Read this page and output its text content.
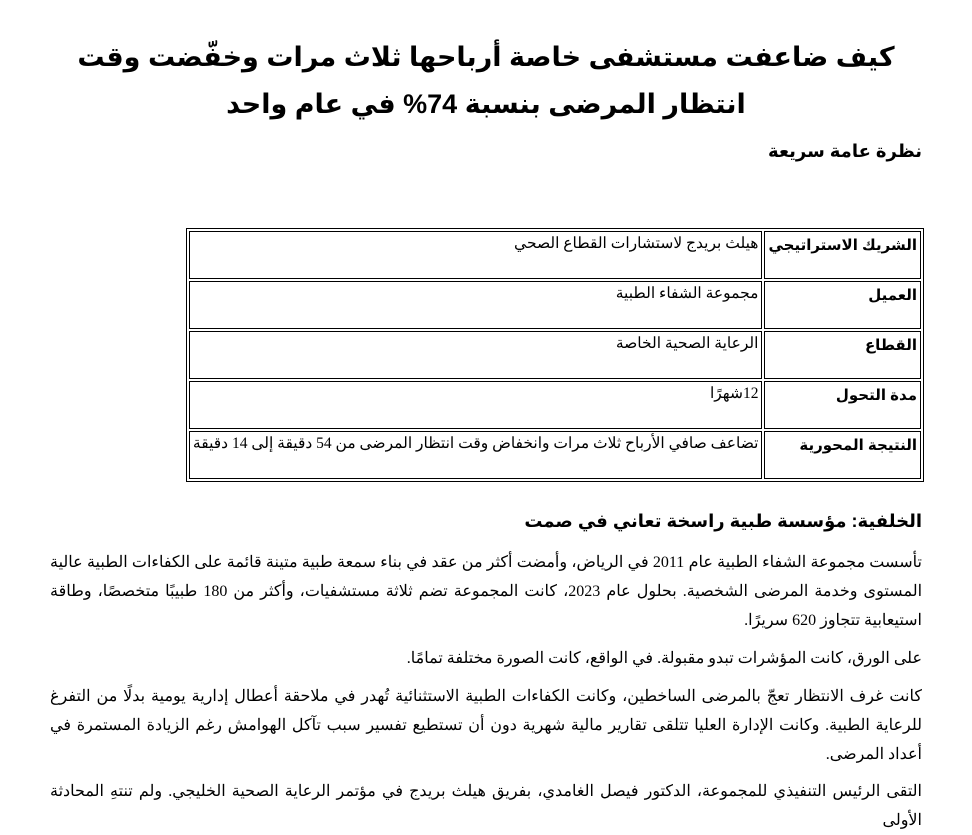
كيف ضاعفت مستشفى خاصة أرباحها ثلاث مرات وخفّضت وقت انتظار المرضى بنسبة 74% في عام واحد
نظرة عامة سريعة
الشريك الاستراتيجي	هيلث بريدج لاستشارات القطاع الصحي
العميل	مجموعة الشفاء الطبية
القطاع	الرعاية الصحية الخاصة
مدة التحول	12شهرًا
النتيجة المحورية	تضاعف صافي الأرباح ثلاث مرات وانخفاض وقت انتظار المرضى من 54 دقيقة إلى 14 دقيقة
الخلفية: مؤسسة طبية راسخة تعاني في صمت

تأسست مجموعة الشفاء الطبية عام 2011 في الرياض، وأمضت أكثر من عقد في بناء سمعة طبية متينة قائمة على الكفاءات الطبية عالية المستوى وخدمة المرضى الشخصية. بحلول عام 2023، كانت المجموعة تضم ثلاثة مستشفيات، وأكثر من 180 طبيبًا متخصصًا، وطاقة استيعابية تتجاوز 620 سريرًا.

على الورق، كانت المؤشرات تبدو مقبولة. في الواقع، كانت الصورة مختلفة تمامًا.

كانت غرف الانتظار تعجّ بالمرضى الساخطين، وكانت الكفاءات الطبية الاستثنائية تُهدر في ملاحقة أعطال إدارية يومية بدلًا من التفرغ للرعاية الطبية. وكانت الإدارة العليا تتلقى تقارير مالية شهرية دون أن تستطيع تفسير سبب تآكل الهوامش رغم الزيادة المستمرة في أعداد المرضى.

التقى الرئيس التنفيذي للمجموعة، الدكتور فيصل الغامدي، بفريق هيلث بريدج في مؤتمر الرعاية الصحية الخليجي. ولم تنتهِ المحادثة الأولى
